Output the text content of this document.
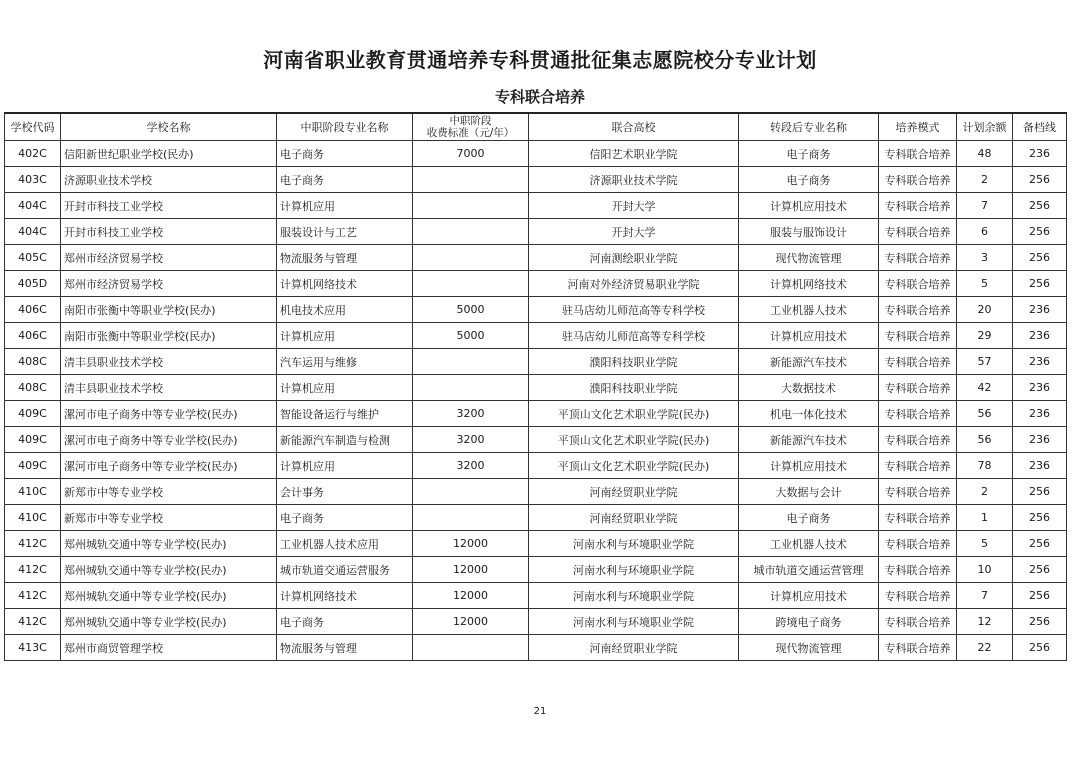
河南省职业教育贯通培养专科贯通批征集志愿院校分专业计划
专科联合培养
学校代码	学校名称	中职阶段专业名称	中职阶段
收费标准（元/年）	联合高校	转段后专业名称	培养模式	计划余额	备档线
402C	信阳新世纪职业学校(民办)	电子商务	7000	信阳艺术职业学院	电子商务	专科联合培养	48	236
403C	济源职业技术学校	电子商务		济源职业技术学院	电子商务	专科联合培养	2	256
404C	开封市科技工业学校	计算机应用		开封大学	计算机应用技术	专科联合培养	7	256
404C	开封市科技工业学校	服装设计与工艺		开封大学	服装与服饰设计	专科联合培养	6	256
405C	郑州市经济贸易学校	物流服务与管理		河南测绘职业学院	现代物流管理	专科联合培养	3	256
405D	郑州市经济贸易学校	计算机网络技术		河南对外经济贸易职业学院	计算机网络技术	专科联合培养	5	256
406C	南阳市张衡中等职业学校(民办)	机电技术应用	5000	驻马店幼儿师范高等专科学校	工业机器人技术	专科联合培养	20	236
406C	南阳市张衡中等职业学校(民办)	计算机应用	5000	驻马店幼儿师范高等专科学校	计算机应用技术	专科联合培养	29	236
408C	清丰县职业技术学校	汽车运用与维修		濮阳科技职业学院	新能源汽车技术	专科联合培养	57	236
408C	清丰县职业技术学校	计算机应用		濮阳科技职业学院	大数据技术	专科联合培养	42	236
409C	漯河市电子商务中等专业学校(民办)	智能设备运行与维护	3200	平顶山文化艺术职业学院(民办)	机电一体化技术	专科联合培养	56	236
409C	漯河市电子商务中等专业学校(民办)	新能源汽车制造与检测	3200	平顶山文化艺术职业学院(民办)	新能源汽车技术	专科联合培养	56	236
409C	漯河市电子商务中等专业学校(民办)	计算机应用	3200	平顶山文化艺术职业学院(民办)	计算机应用技术	专科联合培养	78	236
410C	新郑市中等专业学校	会计事务		河南经贸职业学院	大数据与会计	专科联合培养	2	256
410C	新郑市中等专业学校	电子商务		河南经贸职业学院	电子商务	专科联合培养	1	256
412C	郑州城轨交通中等专业学校(民办)	工业机器人技术应用	12000	河南水利与环境职业学院	工业机器人技术	专科联合培养	5	256
412C	郑州城轨交通中等专业学校(民办)	城市轨道交通运营服务	12000	河南水利与环境职业学院	城市轨道交通运营管理	专科联合培养	10	256
412C	郑州城轨交通中等专业学校(民办)	计算机网络技术	12000	河南水利与环境职业学院	计算机应用技术	专科联合培养	7	256
412C	郑州城轨交通中等专业学校(民办)	电子商务	12000	河南水利与环境职业学院	跨境电子商务	专科联合培养	12	256
413C	郑州市商贸管理学校	物流服务与管理		河南经贸职业学院	现代物流管理	专科联合培养	22	256
21
